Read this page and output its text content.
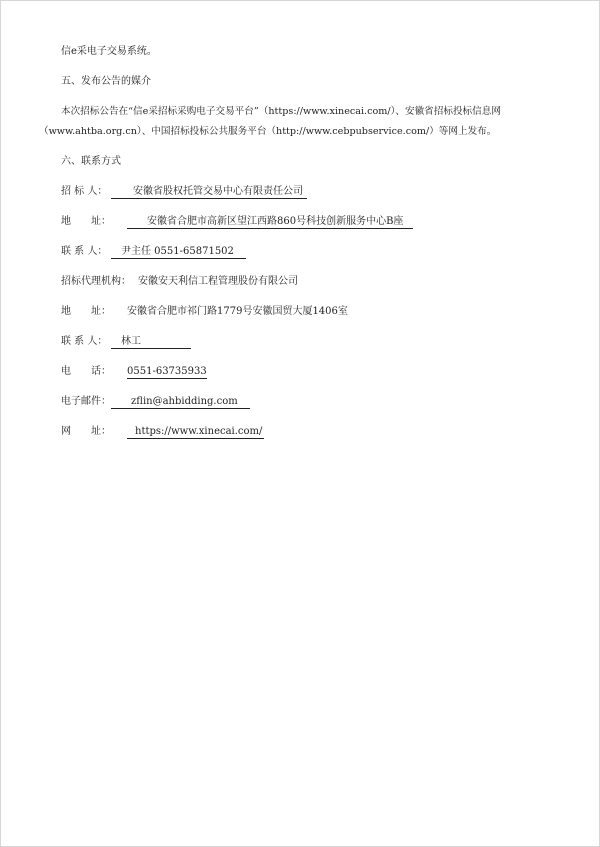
信e采电子交易系统。
五、发布公告的媒介
本次招标公告在“信e采招标采购电子交易平台”（https://www.xinecai.com/）、安徽省招标投标信息网
（www.ahtba.org.cn）、中国招标投标公共服务平台（http://www.cebpubservice.com/）等网上发布。
六、联系方式
招 标 人：	安徽省股权托管交易中心有限责任公司
地　　址：	安徽省合肥市高新区望江西路860号科技创新服务中心B座
联 系 人：	尹主任 0551-65871502
招标代理机构： 安徽安天利信工程管理股份有限公司
地　　址： 安徽省合肥市祁门路1779号安徽国贸大厦1406室
联 系 人：	林工
电　　话： 0551-63735933
电子邮件：	zflin@ahbidding.com
网　　址：	https://www.xinecai.com/
